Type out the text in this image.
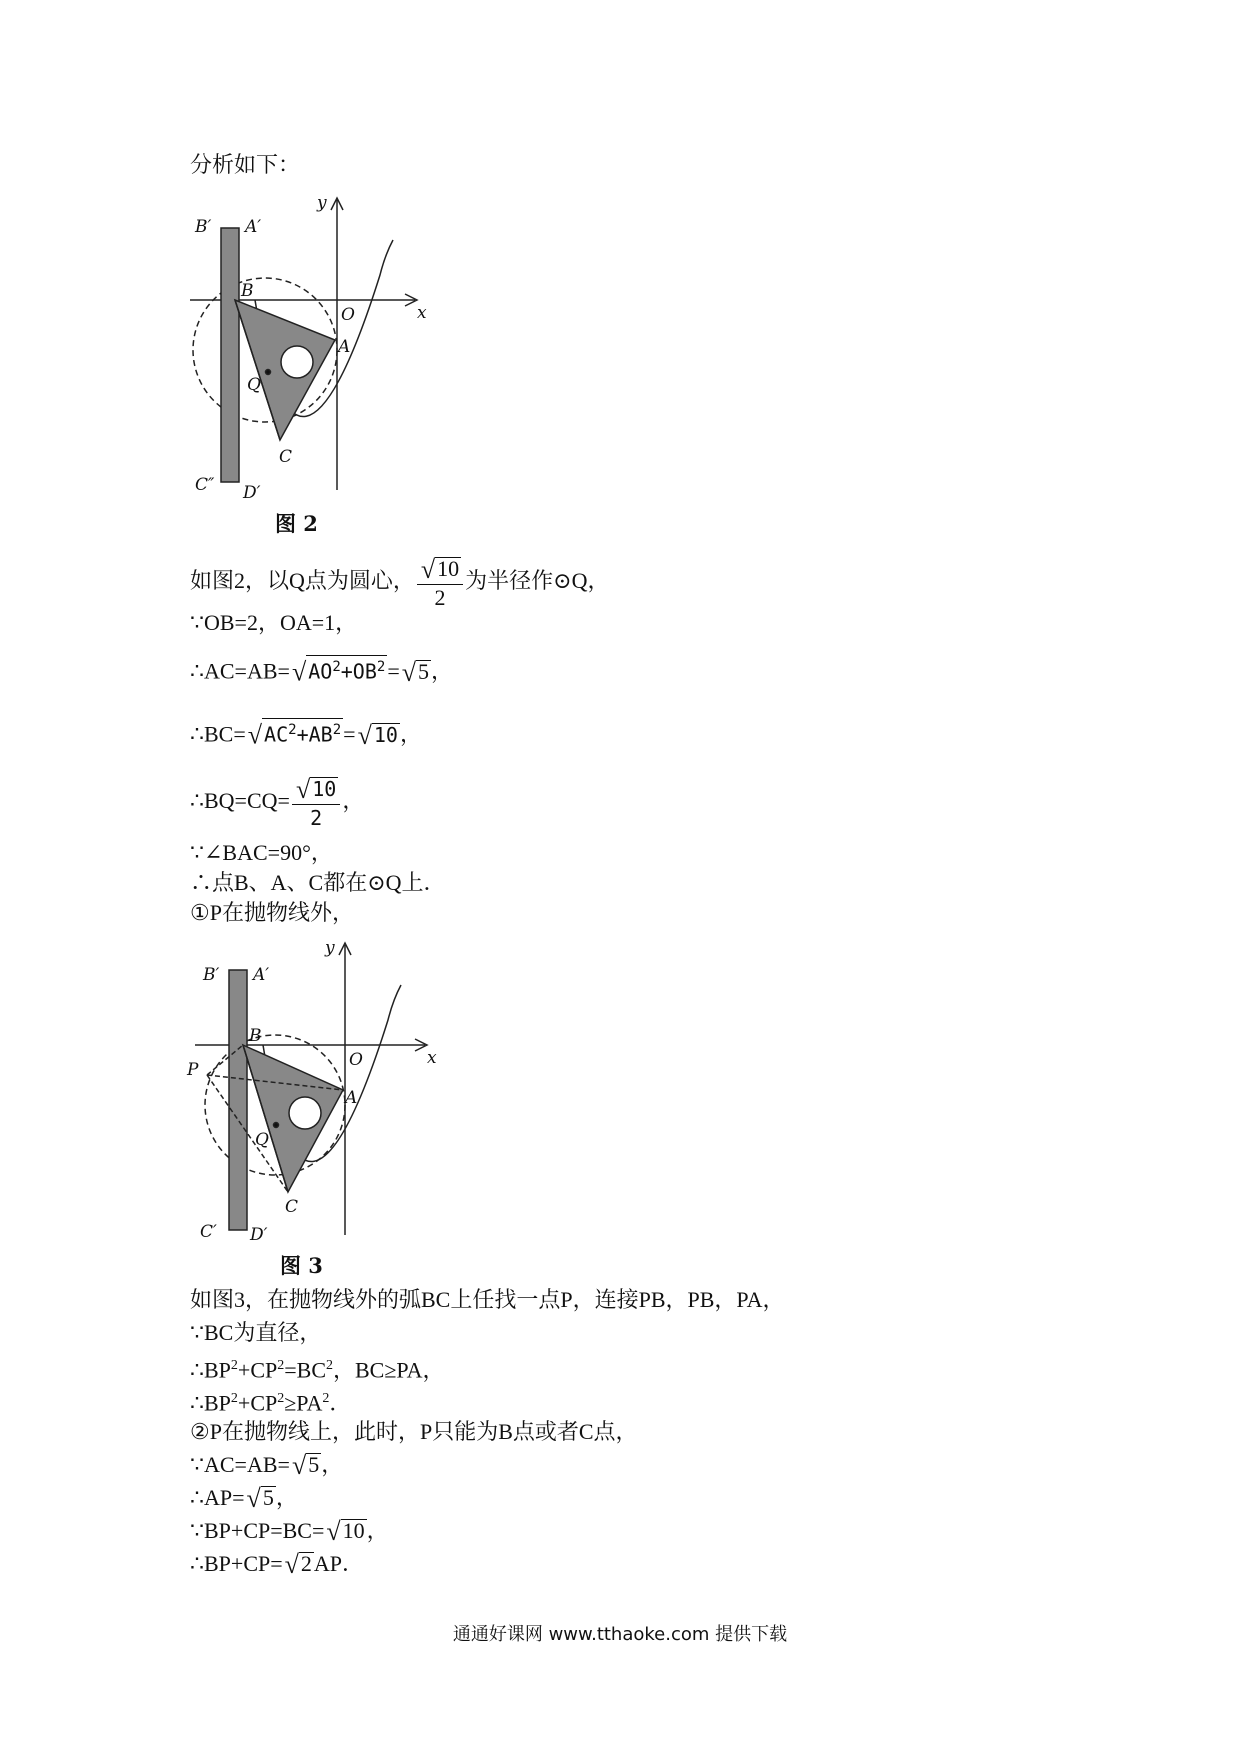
分析如下：
B′ A′
C″ D′
B
O	x
y
A
Q
C
图 2
如图2，以Q点为圆心， $\frac{√10}{2}$ 为半径作⊙Q，
∵OB=2，OA=1，
∴AC=AB=√ $AO^2+OB^2=√5$，
∴BC=√ $AC^2+AB^2=√$ 10，
∴BQ=CQ= $\frac{√ 10}{2}$ ，
∵∠BAC=90°，
∴点B、A、C都在⊙Q上．
①P在抛物线外，
B′ A′
C′ D′
B
O	x
y
A
Q
C
P
图 3
如图3，在抛物线外的弧BC上任找一点P，连接PB，PB，PA，
∵BC为直径，
$\therefore BP^2+CP^2=BC^2$，BC≥PA，
$\therefore BP^2+CP^2\ge PA^2$．
②P在抛物线上，此时，P只能为B点或者C点，
∵AC=AB=√5，
∴AP=√5，
∵BP+CP=BC=√10，
∴BP+CP=√2AP．
通通好课网 www.tthaoke.com 提供下载
